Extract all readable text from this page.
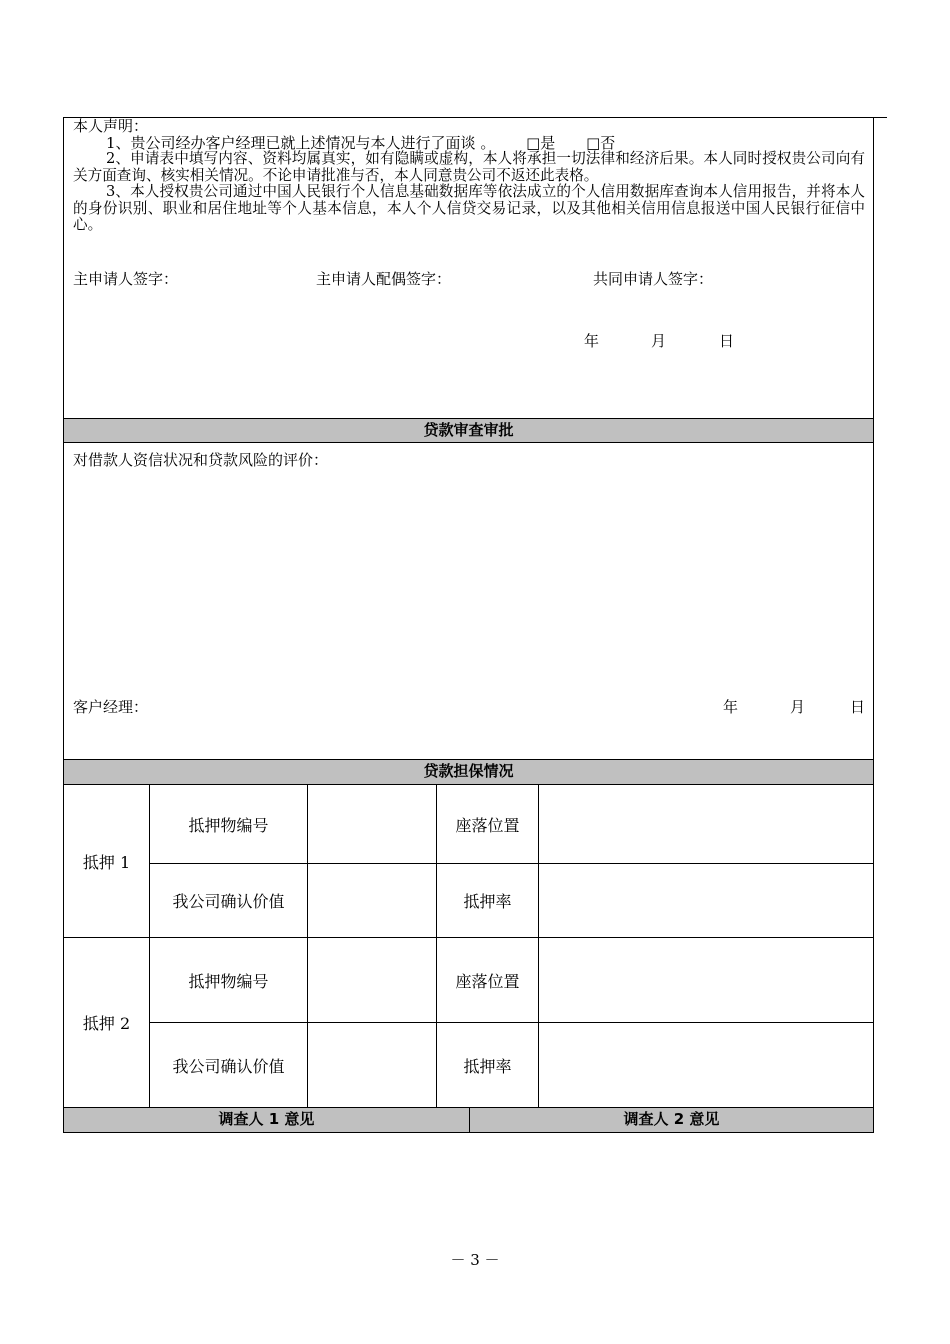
本人声明：
1、贵公司经办客户经理已就上述情况与本人进行了面谈 。 □是 □否
2、申请表中填写内容、资料均属真实，如有隐瞒或虚构，本人将承担一切法律和经济后果。本人同时授权贵公司向有关方面查询、核实相关情况。不论申请批准与否，本人同意贵公司不返还此表格。
3、本人授权贵公司通过中国人民银行个人信息基础数据库等依法成立的个人信用数据库查询本人信用报告，并将本人的身份识别、职业和居住地址等个人基本信息，本人个人信贷交易记录，以及其他相关信用信息报送中国人民银行征信中心。
主申请人签字：	主申请人配偶签字：	共同申请人签字：
年	月	日
贷款审查审批
对借款人资信状况和贷款风险的评价：
客户经理：	年	月	日
贷款担保情况
抵押 1
抵押物编号	座落位置
我公司确认价值	抵押率
抵押 2
抵押物编号	座落位置
我公司确认价值	抵押率
调查人 1 意见	调查人 2 意见
－ 3 －
